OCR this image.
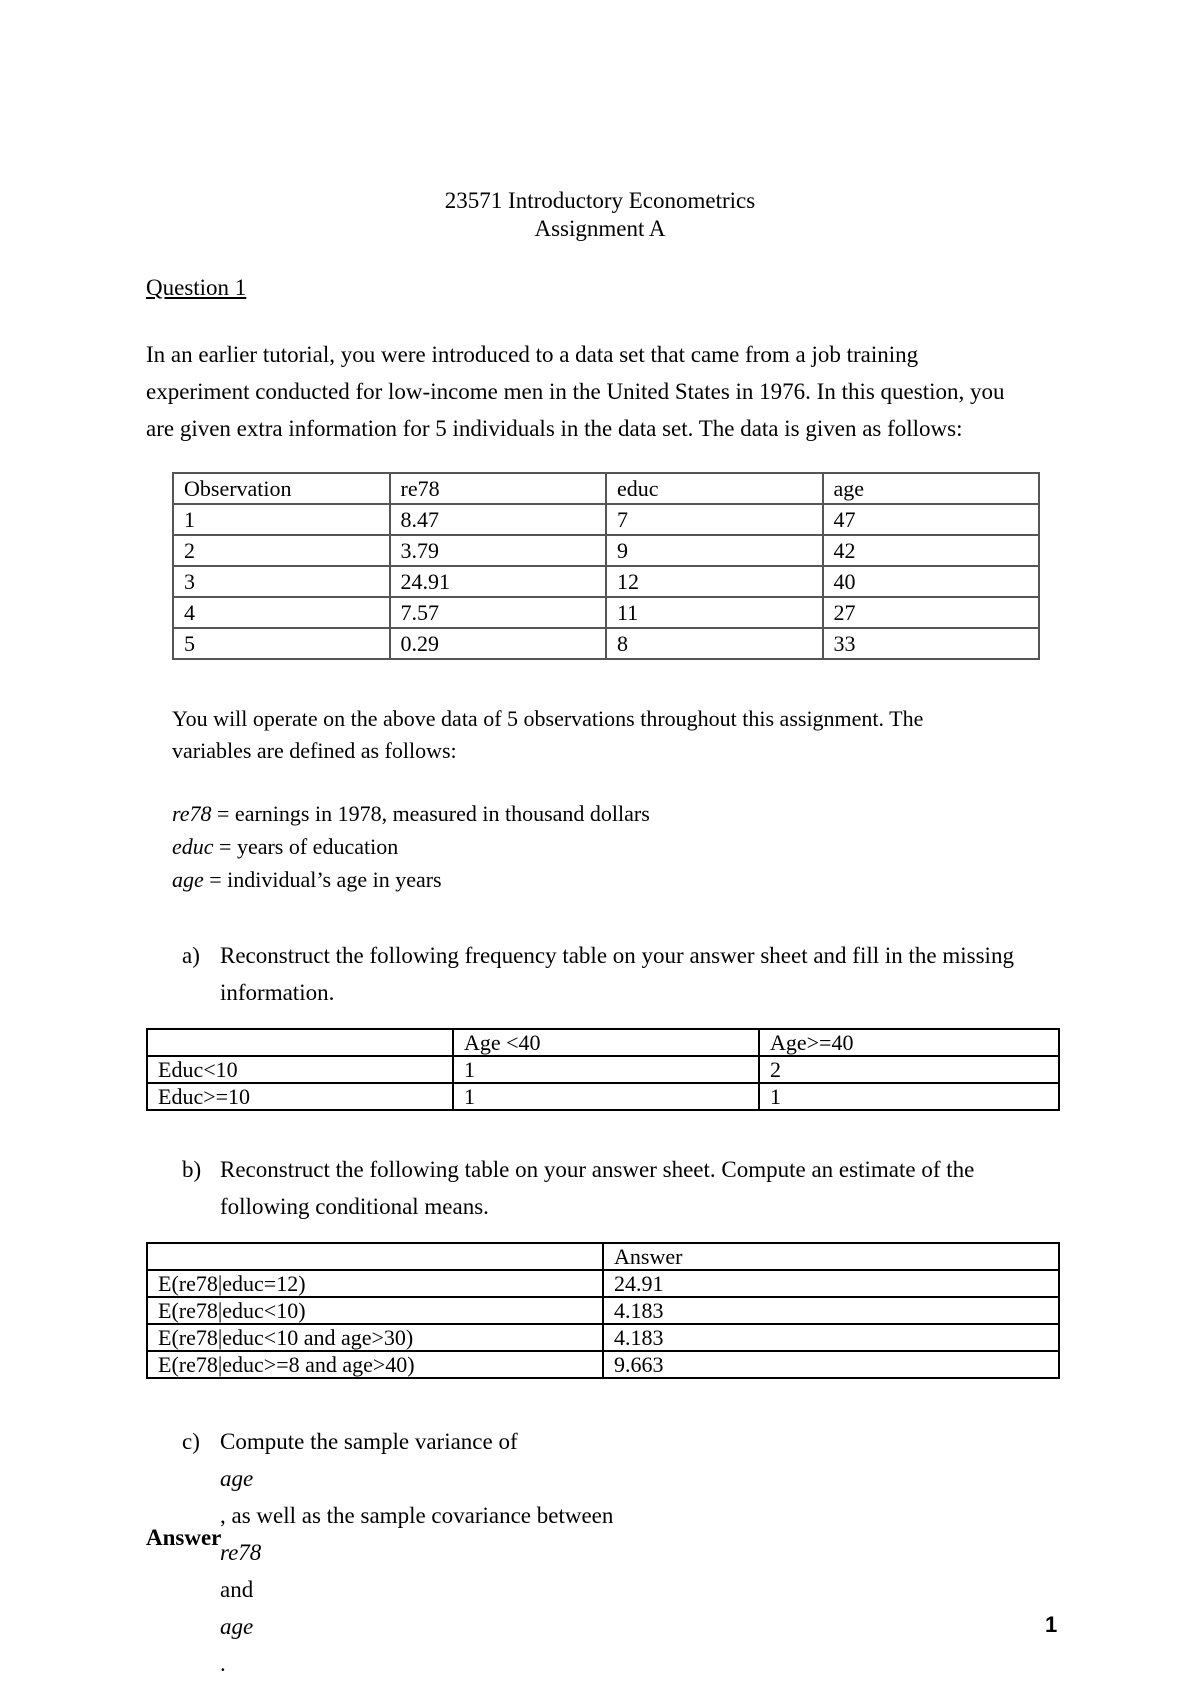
23571 Introductory Econometrics
Assignment A
Question 1
In an earlier tutorial, you were introduced to a data set that came from a job training
experiment conducted for low-income men in the United States in 1976. In this question, you
are given extra information for 5 individuals in the data set. The data is given as follows:
Observation	re78	educ	age
1	8.47	7	47
2	3.79	9	42
3	24.91	12	40
4	7.57	11	27
5	0.29	8	33
You will operate on the above data of 5 observations throughout this assignment. The
variables are defined as follows:
re78 = earnings in 1978, measured in thousand dollars
educ = years of education
age = individual’s age in years
a) Reconstruct the following frequency table on your answer sheet and fill in the missing
information.
	Age <40	Age>=40
Educ<10	1	2
Educ>=10	1	1
b) Reconstruct the following table on your answer sheet. Compute an estimate of the
following conditional means.
	Answer
E(re78|educ=12)	24.91
E(re78|educ<10)	4.183
E(re78|educ<10 and age>30)	4.183
E(re78|educ>=8 and age>40)	9.663
c) Compute the sample variance of
age
, as well as the sample covariance between
re78
and
age
.
Answer
1
